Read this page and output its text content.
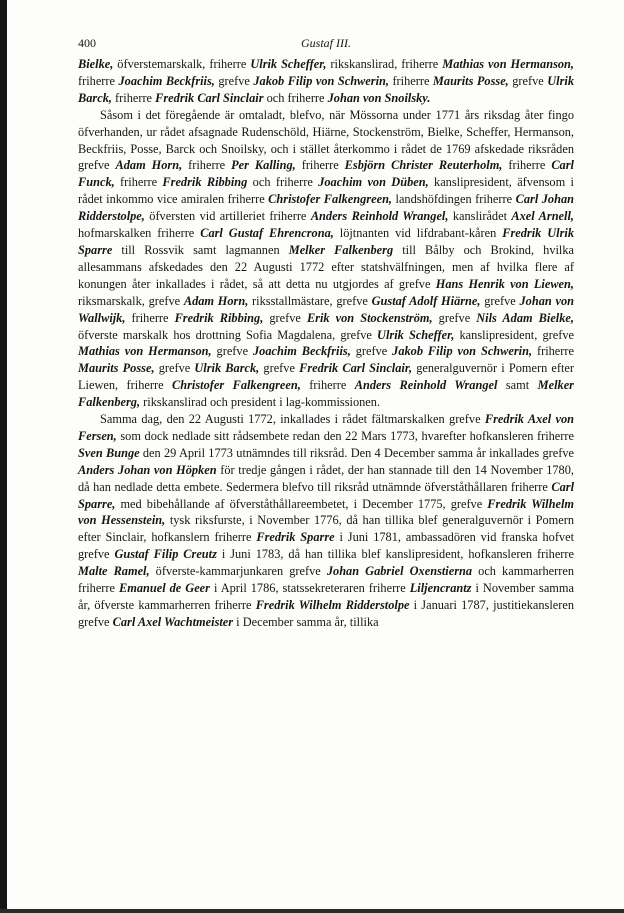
400	Gustaf III.

Bielke, öfverstemarskalk, friherre Ulrik Scheffer, rikskanslirad, friherre Mathias von Hermanson, friherre Joachim Beckfriis, grefve Jakob Filip von Schwerin, friherre Maurits Posse, grefve Ulrik Barck, friherre Fredrik Carl Sinclair och friherre Johan von Snoilsky.

Såsom i det föregående är omtaladt, blefvo, när Mössorna under 1771 års riksdag åter fingo öfverhanden, ur rådet afsagnade Rudenschöld, Hiärne, Stockenström, Bielke, Scheffer, Hermanson, Beckfriis, Posse, Barck och Snoilsky, och i stället återkommo i rådet de 1769 afskedade riksråden grefve Adam Horn, friherre Per Kalling, friherre Esbjörn Christer Reuterholm, friherre Carl Funck, friherre Fredrik Ribbing och friherre Joachim von Düben, kanslipresident, äfvensom i rådet inkommo vice amiralen friherre Christofer Falkengreen, landshöfdingen friherre Carl Johan Ridderstolpe, öfversten vid artilleriet friherre Anders Reinhold Wrangel, kanslirådet Axel Arnell, hofmarskalken friherre Carl Gustaf Ehrencrona, löjtnanten vid lifdrabant-kåren Fredrik Ulrik Sparre till Rossvik samt lagmannen Melker Falkenberg till Bålby och Brokind, hvilka allesammans afskedades den 22 Augusti 1772 efter statshvälfningen, men af hvilka flere af konungen åter inkallades i rådet, så att detta nu utgjordes af grefve Hans Henrik von Liewen, riksmarskalk, grefve Adam Horn, riksstallmästare, grefve Gustaf Adolf Hiärne, grefve Johan von Wallwijk, friherre Fredrik Ribbing, grefve Erik von Stockenström, grefve Nils Adam Bielke, öfverste marskalk hos drottning Sofia Magdalena, grefve Ulrik Scheffer, kanslipresident, grefve Mathias von Hermanson, grefve Joachim Beckfriis, grefve Jakob Filip von Schwerin, friherre Maurits Posse, grefve Ulrik Barck, grefve Fredrik Carl Sinclair, generalguvernör i Pomern efter Liewen, friherre Christofer Falkengreen, friherre Anders Reinhold Wrangel samt Melker Falkenberg, rikskanslirad och president i lag-kommissionen.

Samma dag, den 22 Augusti 1772, inkallades i rådet fältmarskalken grefve Fredrik Axel von Fersen, som dock nedlade sitt rådsembete redan den 22 Mars 1773, hvarefter hofkansleren friherre Sven Bunge den 29 April 1773 utnämndes till riksråd. Den 4 December samma år inkallades grefve Anders Johan von Höpken för tredje gången i rådet, der han stannade till den 14 November 1780, då han nedlade detta embete. Sedermera blefvo till riksråd utnämnde öfverståthållaren friherre Carl Sparre, med bibehållande af öfverståthållareembetet, i December 1775, grefve Fredrik Wilhelm von Hessenstein, tysk riksfurste, i November 1776, då han tillika blef generalguvernör i Pomern efter Sinclair, hofkanslern friherre Fredrik Sparre i Juni 1781, ambassadören vid franska hofvet grefve Gustaf Filip Creutz i Juni 1783, då han tillika blef kanslipresident, hofkansleren friherre Malte Ramel, öfverste-kammarjunkaren grefve Johan Gabriel Oxenstierna och kammarherren friherre Emanuel de Geer i April 1786, statssekreteraren friherre Liljencrantz i November samma år, öfverste kammarherren friherre Fredrik Wilhelm Ridderstolpe i Januari 1787, justitiekansleren grefve Carl Axel Wachtmeister i December samma år, tillika
